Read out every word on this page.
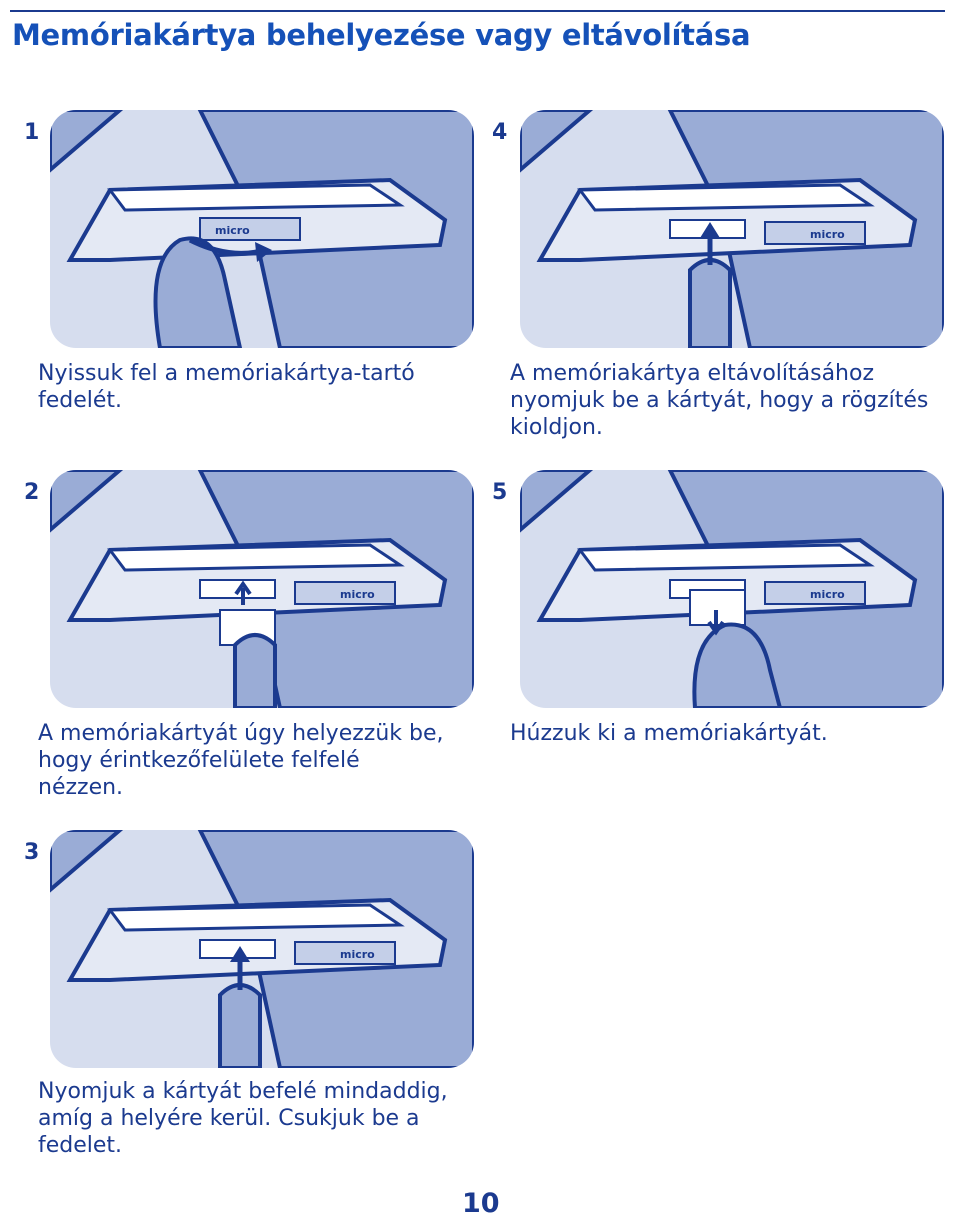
Memóriakártya behelyezése vagy eltávolítása
1
micro
Nyissuk fel a memóriakártya-tartó
fedelét.
4
micro
A memóriakártya eltávolításához
nyomjuk be a kártyát, hogy a rögzítés
kioldjon.
2
micro
A memóriakártyát úgy helyezzük be,
hogy érintkezőfelülete felfelé
nézzen.
5
micro
Húzzuk ki a memóriakártyát.
3
micro
Nyomjuk a kártyát befelé mindaddig,
amíg a helyére kerül. Csukjuk be a
fedelet.
10
